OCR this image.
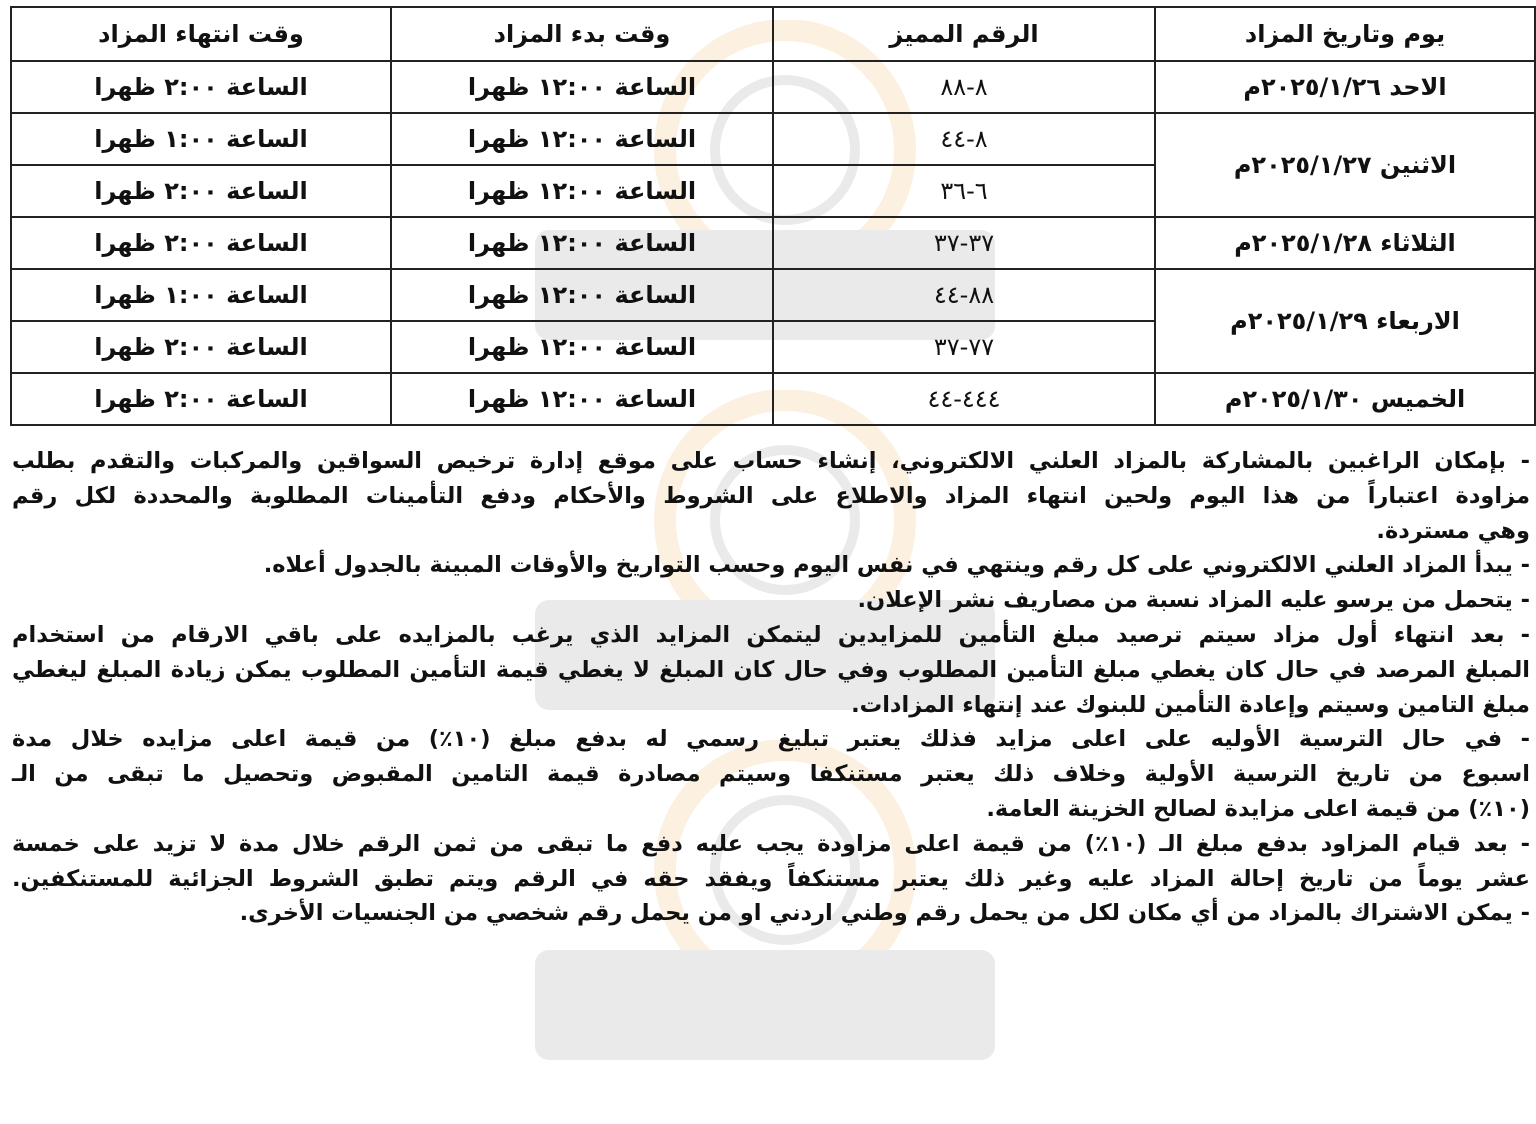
يوم وتاريخ المزاد	الرقم المميز	وقت بدء المزاد	وقت انتهاء المزاد
الاحد ٢٠٢٥/١/٢٦م	٨-٨٨	الساعة ١٢:٠٠ ظهرا	الساعة ٢:٠٠ ظهرا
الاثنين ٢٠٢٥/١/٢٧م	٨-٤٤	الساعة ١٢:٠٠ ظهرا	الساعة ١:٠٠ ظهرا
	٦-٣٦	الساعة ١٢:٠٠ ظهرا	الساعة ٢:٠٠ ظهرا
الثلاثاء ٢٠٢٥/١/٢٨م	٣٧-٣٧	الساعة ١٢:٠٠ ظهرا	الساعة ٢:٠٠ ظهرا
الاربعاء ٢٠٢٥/١/٢٩م	٨٨-٤٤	الساعة ١٢:٠٠ ظهرا	الساعة ١:٠٠ ظهرا
	٧٧-٣٧	الساعة ١٢:٠٠ ظهرا	الساعة ٢:٠٠ ظهرا
الخميس ٢٠٢٥/١/٣٠م	٤٤٤-٤٤	الساعة ١٢:٠٠ ظهرا	الساعة ٢:٠٠ ظهرا

- بإمكان الراغبين بالمشاركة بالمزاد العلني الالكتروني، إنشاء حساب على موقع إدارة ترخيص السواقين والمركبات والتقدم بطلب

مزاودة اعتباراً من هذا اليوم ولحين انتهاء المزاد والاطلاع على الشروط والأحكام ودفع التأمينات المطلوبة والمحددة لكل رقم

وهي مستردة.

- يبدأ المزاد العلني الالكتروني على كل رقم وينتهي في نفس اليوم وحسب التواريخ والأوقات المبينة بالجدول أعلاه.

- يتحمل من يرسو عليه المزاد نسبة من مصاريف نشر الإعلان.

- بعد انتهاء أول مزاد سيتم ترصيد مبلغ التأمين للمزايدين ليتمكن المزايد الذي يرغب بالمزايده على باقي الارقام من استخدام

المبلغ المرصد في حال كان يغطي مبلغ التأمين المطلوب وفي حال كان المبلغ لا يغطي قيمة التأمين المطلوب يمكن زيادة المبلغ ليغطي

مبلغ التامين وسيتم وإعادة التأمين للبنوك عند إنتهاء المزادات.

- في حال الترسية الأوليه على اعلى مزايد فذلك يعتبر تبليغ رسمي له بدفع مبلغ (١٠٪) من قيمة اعلى مزايده خلال مدة

اسبوع من تاريخ الترسية الأولية وخلاف ذلك يعتبر مستنكفا وسيتم مصادرة قيمة التامين المقبوض وتحصيل ما تبقى من الـ

(١٠٪) من قيمة اعلى مزايدة لصالح الخزينة العامة.

- بعد قيام المزاود بدفع مبلغ الـ (١٠٪) من قيمة اعلى مزاودة يجب عليه دفع ما تبقى من ثمن الرقم خلال مدة لا تزيد على خمسة

عشر يوماً من تاريخ إحالة المزاد عليه وغير ذلك يعتبر مستنكفاً ويفقد حقه في الرقم ويتم تطبق الشروط الجزائية للمستنكفين.

- يمكن الاشتراك بالمزاد من أي مكان لكل من يحمل رقم وطني اردني او من يحمل رقم شخصي من الجنسيات الأخرى.
